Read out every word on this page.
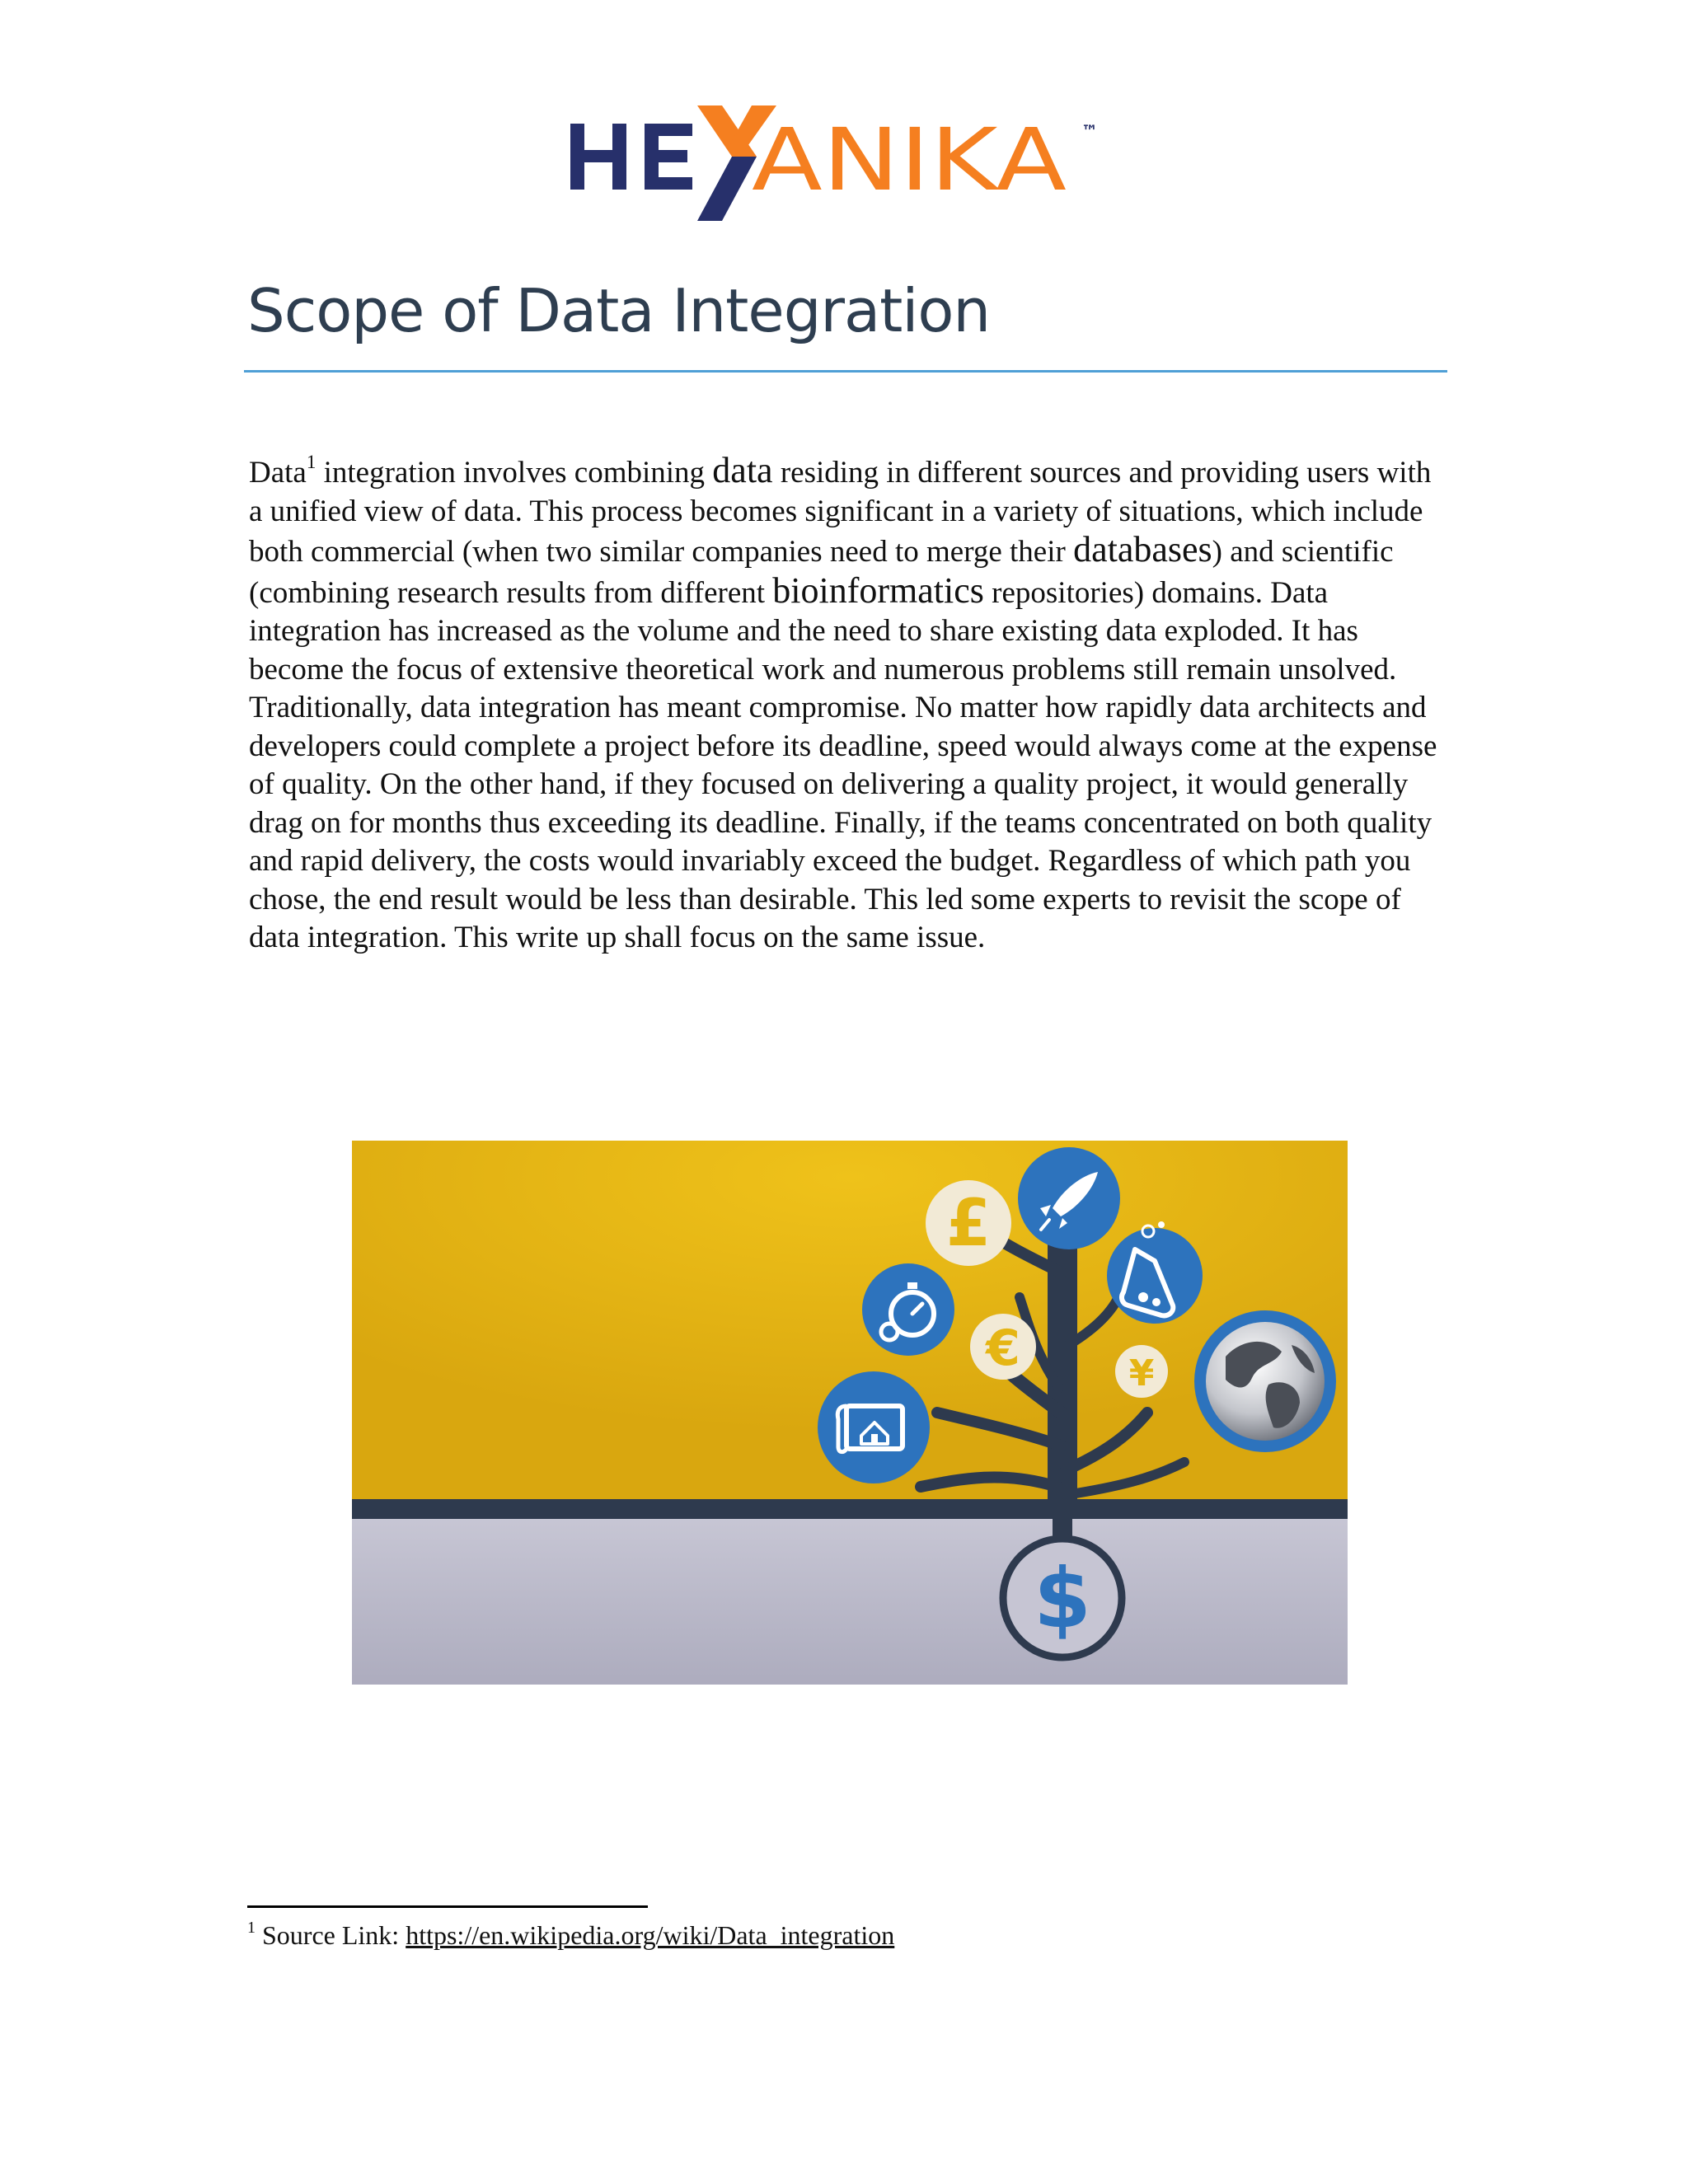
ANIKA ™
Scope of Data Integration

Data$^1$ integration involves combining data residing in different sources and providing users with a unified view of data. This process becomes significant in a variety of situations, which include both commercial (when two similar companies need to merge their databases) and scientific (combining research results from different bioinformatics repositories) domains. Data integration has increased as the volume and the need to share existing data exploded. It has become the focus of extensive theoretical work and numerous problems still remain unsolved.
Traditionally, data integration has meant compromise. No matter how rapidly data architects and developers could complete a project before its deadline, speed would always come at the expense of quality. On the other hand, if they focused on delivering a quality project, it would generally drag on for months thus exceeding its deadline. Finally, if the teams concentrated on both quality and rapid delivery, the costs would invariably exceed the budget. Regardless of which path you chose, the end result would be less than desirable. This led some experts to revisit the scope of data integration. This write up shall focus on the same issue.

£
€	¥
$

$^1$ Source Link: https://en.wikipedia.org/wiki/Data_integration
